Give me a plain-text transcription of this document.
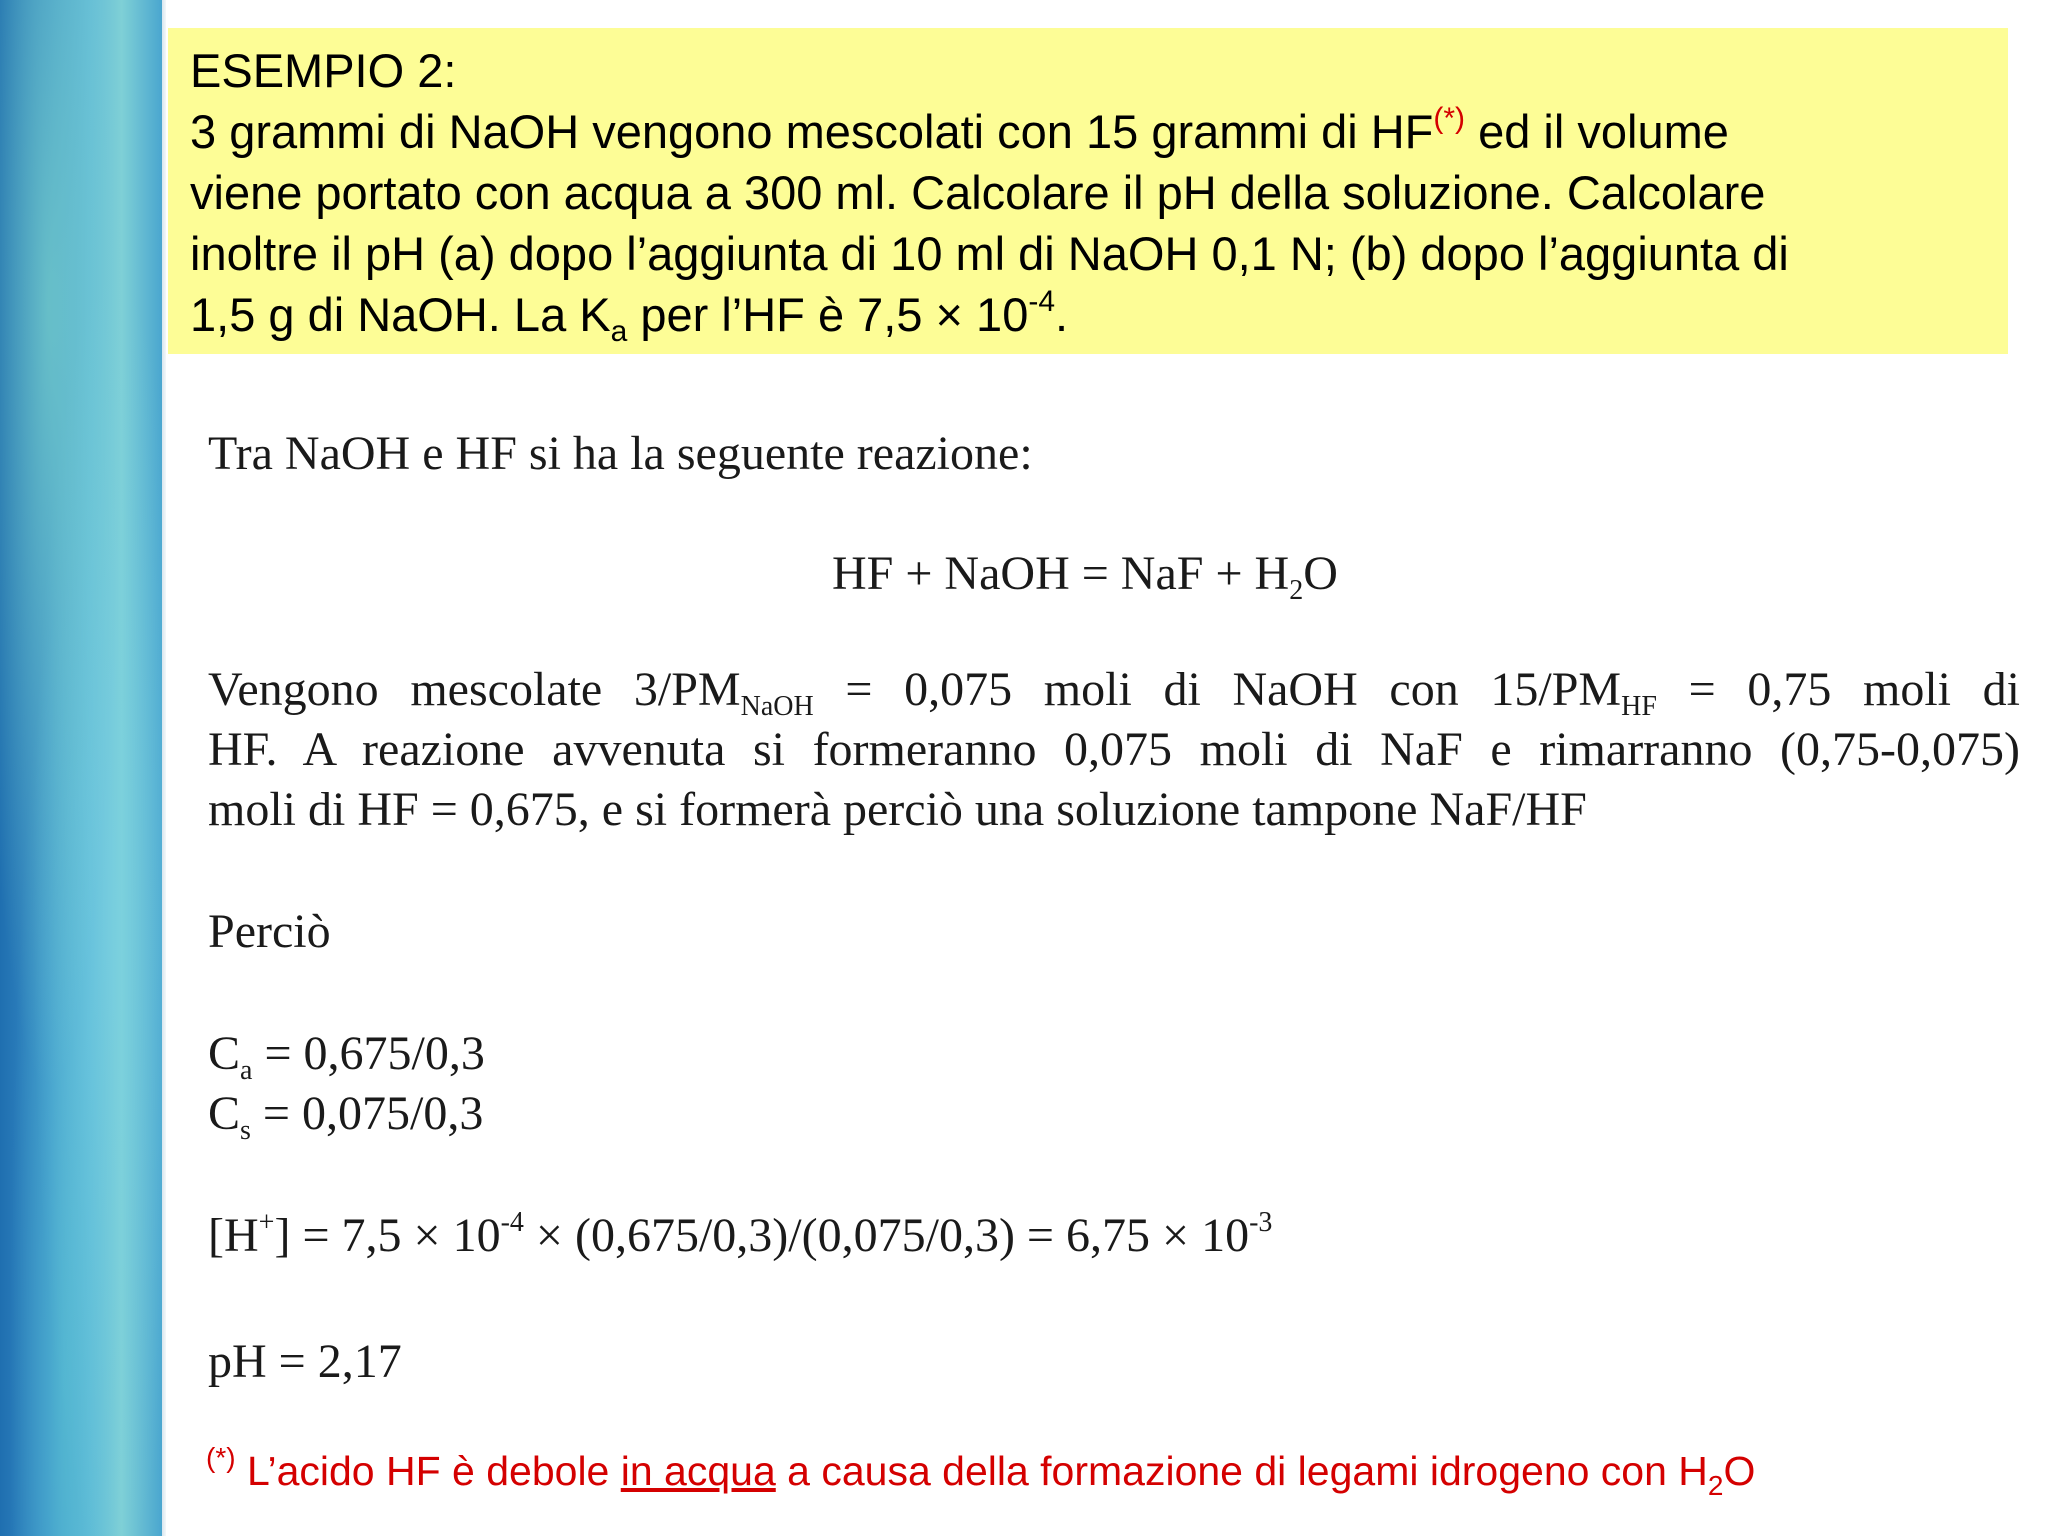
ESEMPIO 2:
3 grammi di NaOH vengono mescolati con 15 grammi di HF(*) ed il volume
viene portato con acqua a 300 ml. Calcolare il pH della soluzione. Calcolare
inoltre il pH (a) dopo l’aggiunta di 10 ml di NaOH 0,1 N; (b) dopo l’aggiunta di
1,5 g di NaOH. La $K_a$ per l’HF è $7,5 \times 10^{-4}$.
Tra NaOH e HF si ha la seguente reazione:
HF + NaOH = NaF + $H_2O$
Vengono mescolate $3/PM_{NaOH} = 0,075$ moli di NaOH con $15/PM_{HF} = 0,75$ moli di
HF. A reazione avvenuta si formeranno 0,075 moli di NaF e rimarranno (0,75-0,075)
moli di HF = 0,675, e si formerà perciò una soluzione tampone NaF/HF
Perciò
$C_a = 0,675/0,3$
$C_s = 0,075/0,3$
$[H^+] = 7,5 \times 10^{-4} \times (0,675/0,3)/(0,075/0,3) = 6,75 \times 10^{-3}$
pH = 2,17
(*) L’acido HF è debole in acqua a causa della formazione di legami idrogeno con $H_2O$
